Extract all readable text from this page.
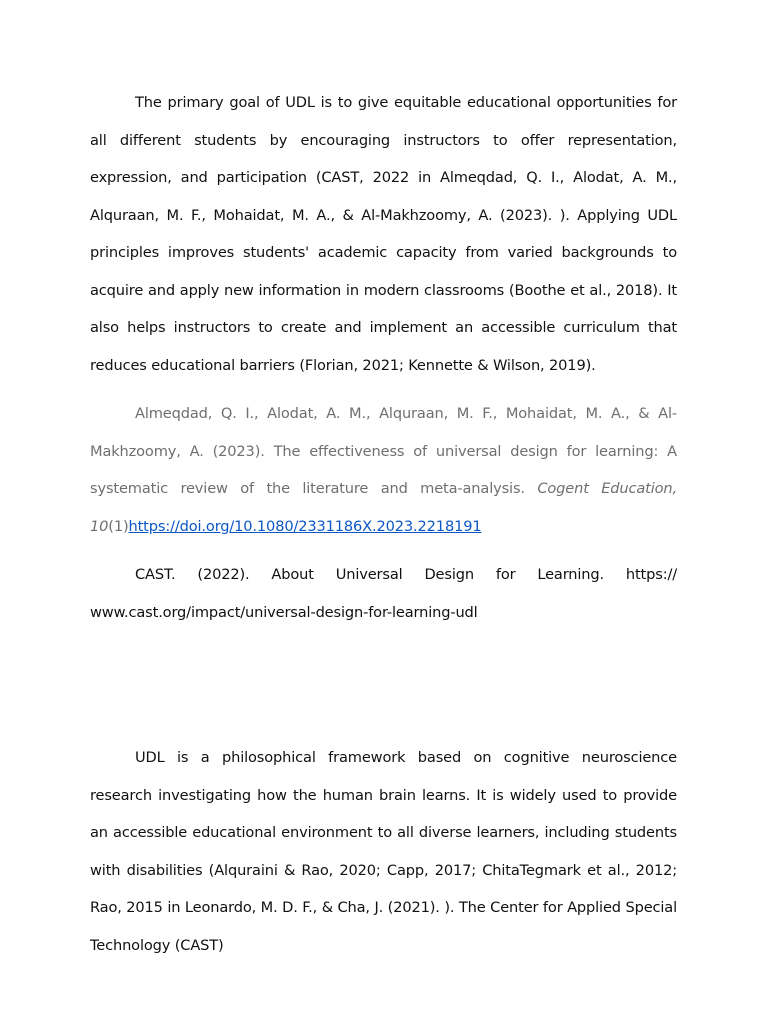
The primary goal of UDL is to give equitable educational opportunities for all different students by encouraging instructors to offer representation, expression, and participation (CAST, 2022 in Almeqdad, Q. I., Alodat, A. M., Alquraan, M. F., Mohaidat, M. A., & Al-Makhzoomy, A. (2023). ). Applying UDL principles improves students' academic capacity from varied backgrounds to acquire and apply new information in modern classrooms (Boothe et al., 2018). It also helps instructors to create and implement an accessible curriculum that reduces educational barriers (Florian, 2021; Kennette & Wilson, 2019).

Almeqdad, Q. I., Alodat, A. M., Alquraan, M. F., Mohaidat, M. A., & Al-Makhzoomy, A. (2023). The effectiveness of universal design for learning: A systematic review of the literature and meta-analysis. Cogent Education, 10(1)https://doi.org/10.1080/2331186X.2023.2218191

CAST. (2022). About Universal Design for Learning. https:// www.cast.org/impact/universal-design-for-learning-udl

UDL is a philosophical framework based on cognitive neuroscience research investigating how the human brain learns. It is widely used to provide an accessible educational environment to all diverse learners, including students with disabilities (Alquraini & Rao, 2020; Capp, 2017; ChitaTegmark et al., 2012; Rao, 2015 in Leonardo, M. D. F., & Cha, J. (2021). ). The Center for Applied Special Technology (CAST)
